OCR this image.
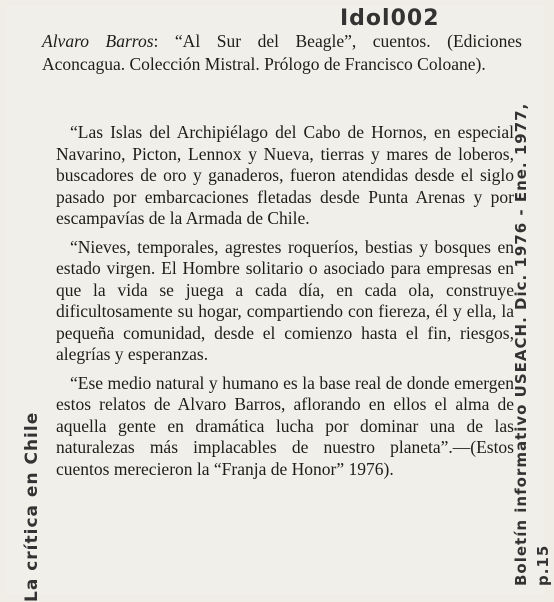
Idol002
La crítica en Chile	Boletín informativo USEACH. Dic. 1976 - Ene. 1977, p.15
Alvaro Barros: “Al Sur del Beagle”, cuentos. (Ediciones Aconcagua. Colección Mistral. Prólogo de Francisco Coloane).

“Las Islas del Archipiélago del Cabo de Hornos, en especial Navarino, Picton, Lennox y Nueva, tierras y mares de loberos, buscadores de oro y ganaderos, fueron atendidas desde el siglo pasado por embarcaciones fletadas desde Punta Arenas y por escampavías de la Armada de Chile.

“Nieves, temporales, agrestes roqueríos, bestias y bosques en estado virgen. El Hombre solitario o asociado para empresas en que la vida se juega a cada día, en cada ola, construye dificultosamente su hogar, compartiendo con fiereza, él y ella, la pequeña comunidad, desde el comienzo hasta el fin, riesgos, alegrías y esperanzas.

“Ese medio natural y humano es la base real de donde emergen estos relatos de Alvaro Barros, aflorando en ellos el alma de aquella gente en dramática lucha por dominar una de las naturalezas más implacables de nuestro planeta”.—(Estos cuentos merecieron la “Franja de Honor” 1976).
